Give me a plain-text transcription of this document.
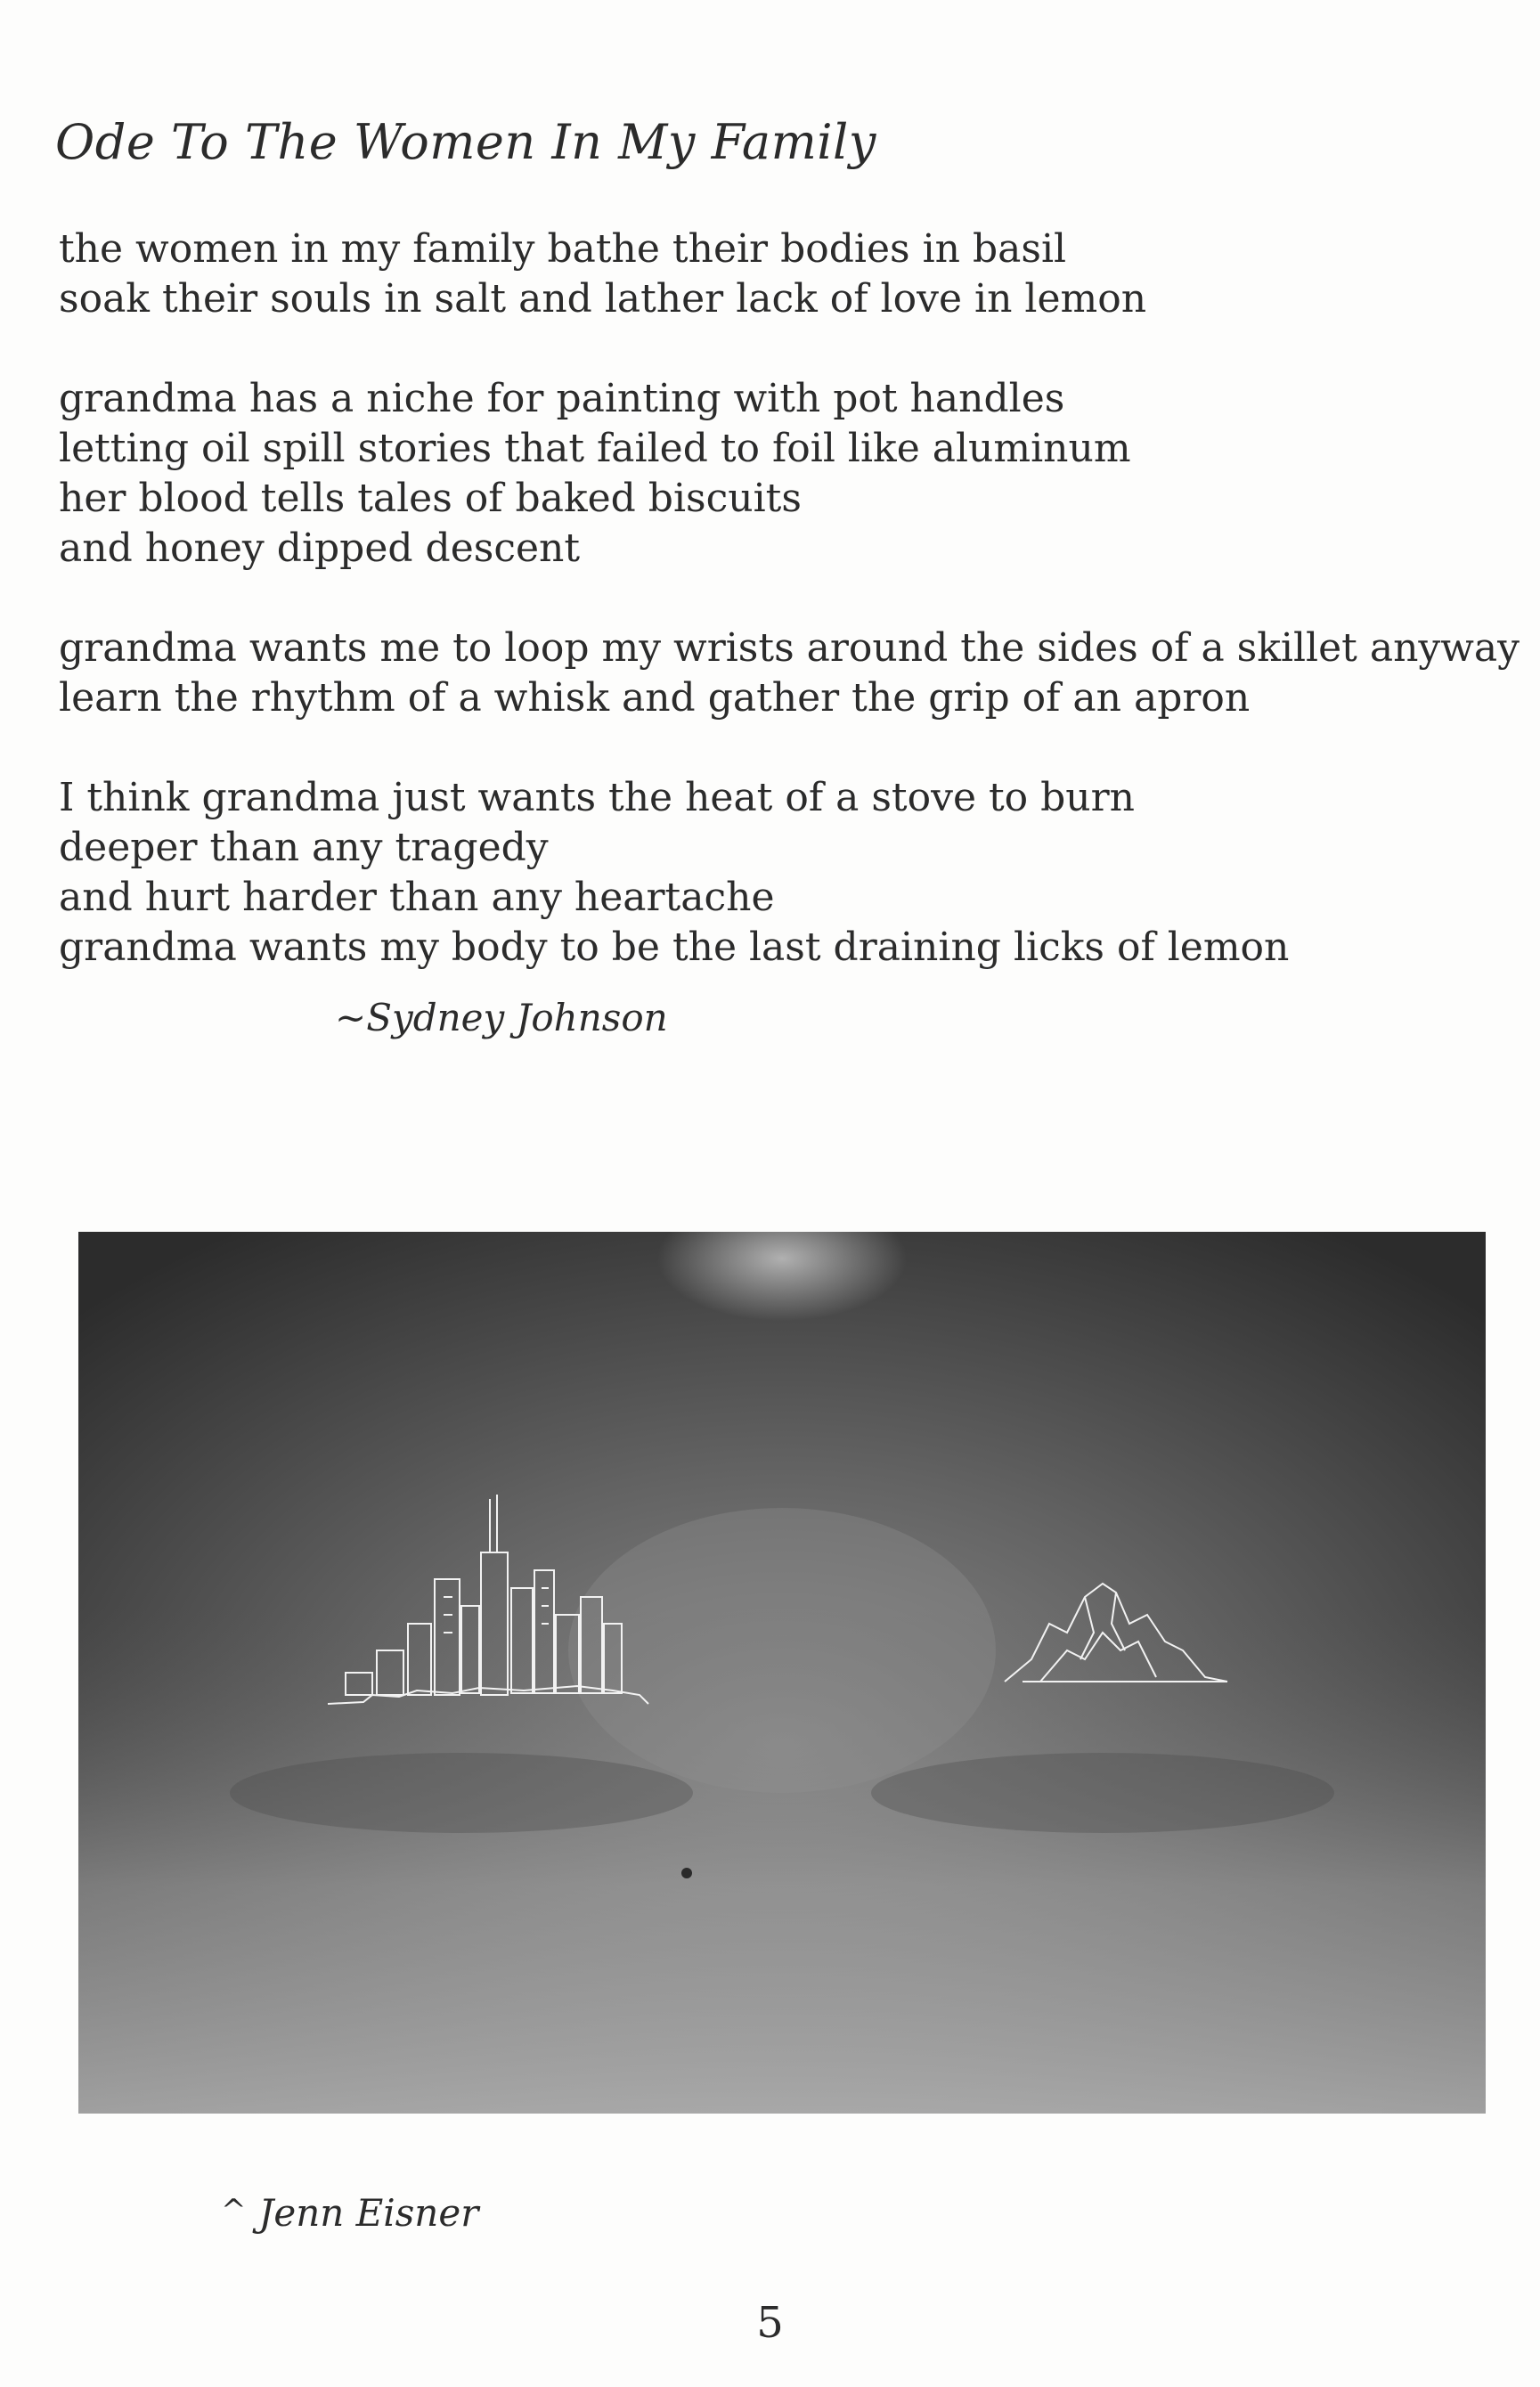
Ode To The Women In My Family
the women in my family bathe their bodies in basil
soak their souls in salt and lather lack of love in lemon
grandma has a niche for painting with pot handles
letting oil spill stories that failed to foil like aluminum
her blood tells tales of baked biscuits
and honey dipped descent
grandma wants me to loop my wrists around the sides of a skillet anyway
learn the rhythm of a whisk and gather the grip of an apron
I think grandma just wants the heat of a stove to burn
deeper than any tragedy
and hurt harder than any heartache
grandma wants my body to be the last draining licks of lemon
~Sydney Johnson
^ Jenn Eisner
5
